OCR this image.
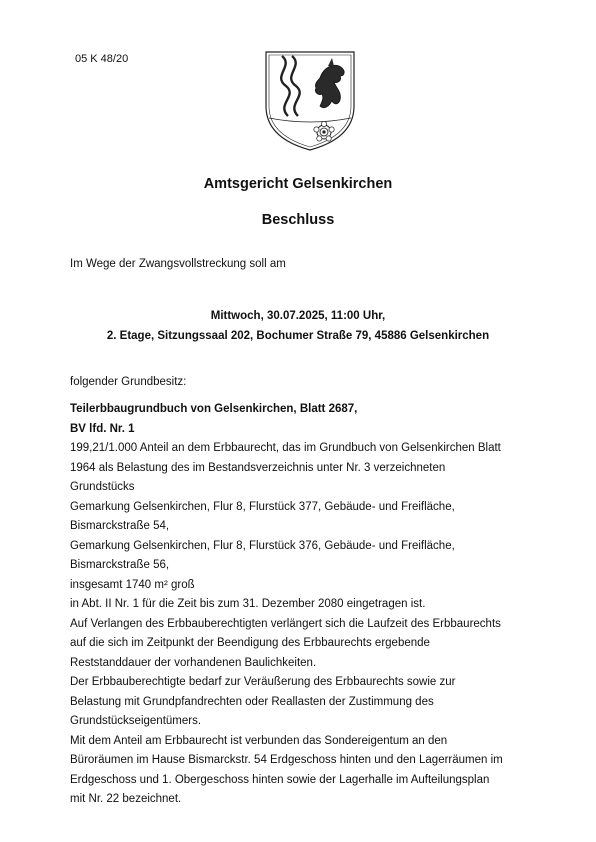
05 K 48/20
Amtsgericht Gelsenkirchen
Beschluss
Im Wege der Zwangsvollstreckung soll am
Mittwoch, 30.07.2025, 11:00 Uhr,
2. Etage, Sitzungssaal 202, Bochumer Straße 79, 45886 Gelsenkirchen
folgender Grundbesitz:
Teilerbbaugrundbuch von Gelsenkirchen, Blatt 2687,
BV lfd. Nr. 1
199,21/1.000 Anteil an dem Erbbaurecht, das im Grundbuch von Gelsenkirchen Blatt
1964 als Belastung des im Bestandsverzeichnis unter Nr. 3 verzeichneten
Grundstücks
Gemarkung Gelsenkirchen, Flur 8, Flurstück 377, Gebäude- und Freifläche,
Bismarckstraße 54,
Gemarkung Gelsenkirchen, Flur 8, Flurstück 376, Gebäude- und Freifläche,
Bismarckstraße 56,
insgesamt 1740 m² groß
in Abt. II Nr. 1 für die Zeit bis zum 31. Dezember 2080 eingetragen ist.
Auf Verlangen des Erbbauberechtigten verlängert sich die Laufzeit des Erbbaurechts
auf die sich im Zeitpunkt der Beendigung des Erbbaurechts ergebende
Reststanddauer der vorhandenen Baulichkeiten.
Der Erbbauberechtigte bedarf zur Veräußerung des Erbbaurechts sowie zur
Belastung mit Grundpfandrechten oder Reallasten der Zustimmung des
Grundstückseigentümers.
Mit dem Anteil am Erbbaurecht ist verbunden das Sondereigentum an den
Büroräumen im Hause Bismarckstr. 54 Erdgeschoss hinten und den Lagerräumen im
Erdgeschoss und 1. Obergeschoss hinten sowie der Lagerhalle im Aufteilungsplan
mit Nr. 22 bezeichnet.
